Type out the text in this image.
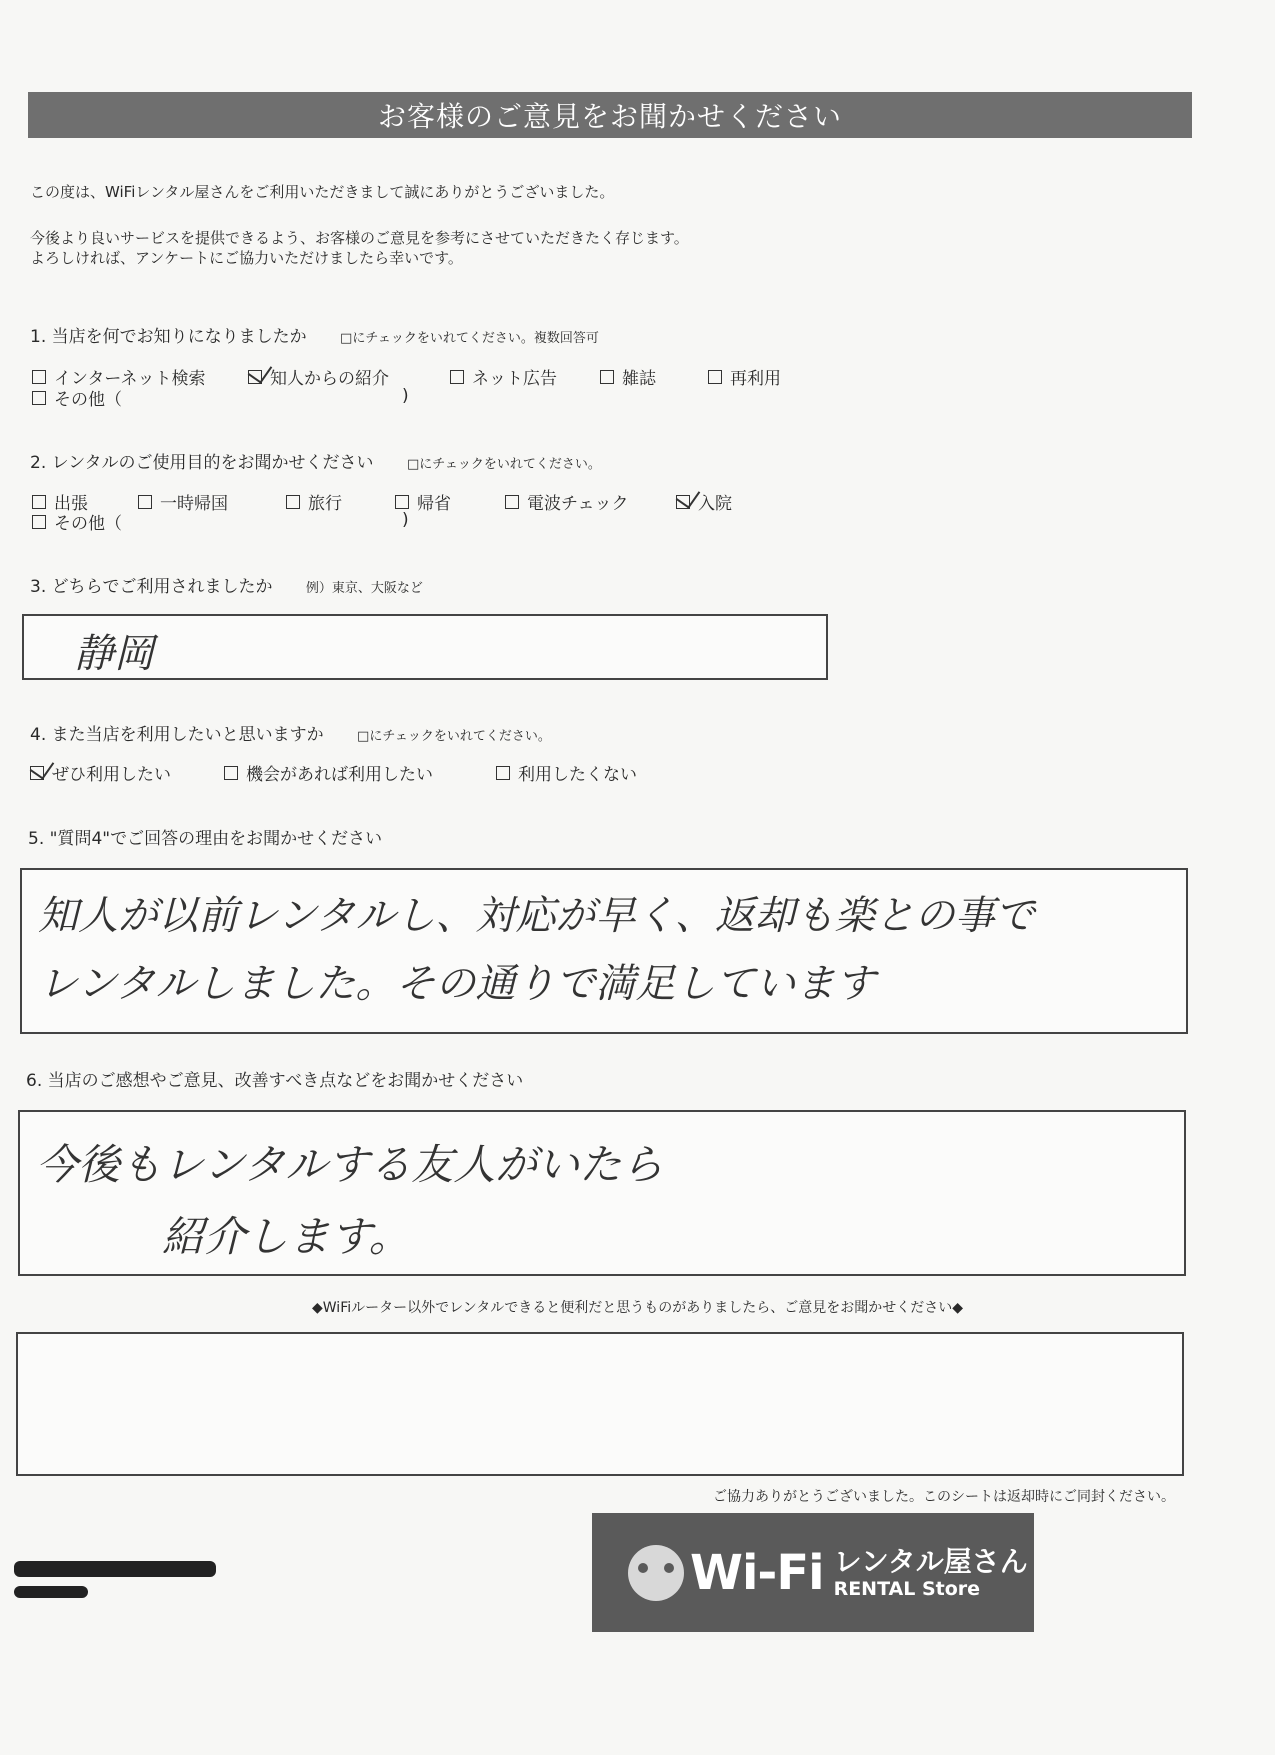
お客様のご意見をお聞かせください
この度は、WiFiレンタル屋さんをご利用いただきまして誠にありがとうございました。
今後より良いサービスを提供できるよう、お客様のご意見を参考にさせていただきたく存じます。
よろしければ、アンケートにご協力いただけましたら幸いです。
1. 当店を何でお知りになりましたか	□にチェックをいれてください。複数回答可
インターネット検索	知人からの紹介	ネット広告	雑誌	再利用
その他（	)
2. レンタルのご使用目的をお聞かせください	□にチェックをいれてください。
出張	一時帰国	旅行	帰省	電波チェック	入院
その他（	)
3. どちらでご利用されましたか	例）東京、大阪など
静岡
4. また当店を利用したいと思いますか	□にチェックをいれてください。
ぜひ利用したい	機会があれば利用したい	利用したくない
5. "質問4"でご回答の理由をお聞かせください
知人が以前レンタルし、対応が早く、返却も楽との事で
レンタルしました。その通りで満足しています
6. 当店のご感想やご意見、改善すべき点などをお聞かせください
今後もレンタルする友人がいたら
紹介します。
◆WiFiルーター以外でレンタルできると便利だと思うものがありましたら、ご意見をお聞かせください◆
ご協力ありがとうございました。このシートは返却時にご同封ください。
Wi-Fi レンタル屋さん
RENTAL Store
